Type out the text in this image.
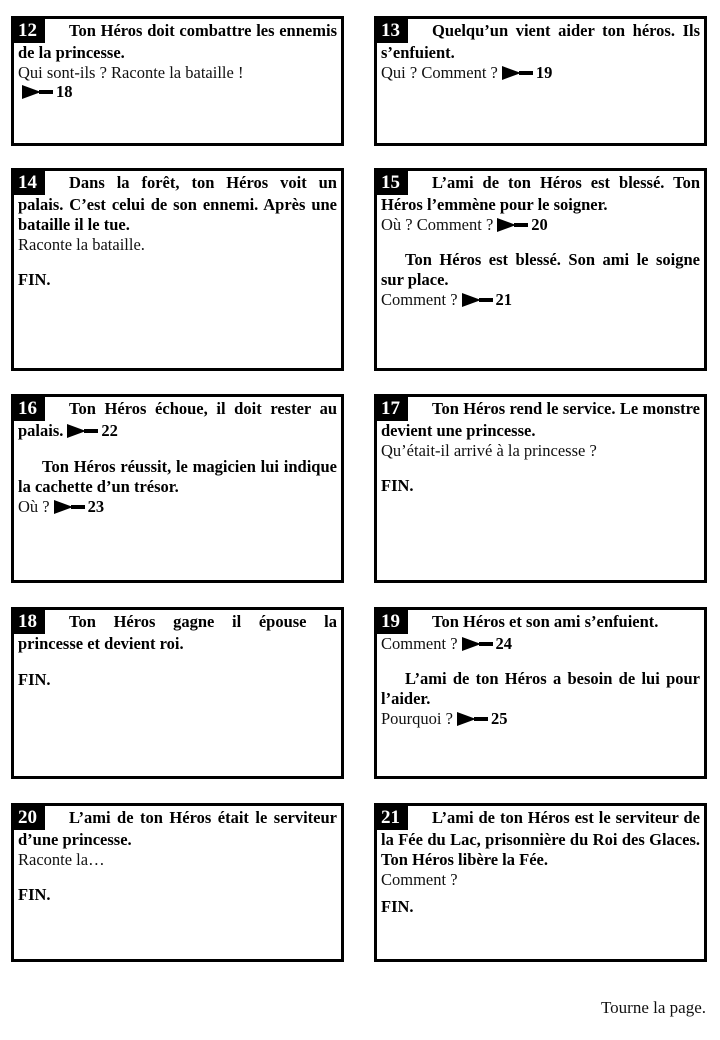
12 Ton Héros doit combattre les ennemis de la princesse.

Qui sont-ils ? Raconte la bataille !

18

13 Quelqu’un vient aider ton héros. Ils s’enfuient.

Qui ? Comment ? 19

14 Dans la forêt, ton Héros voit un palais. C’est celui de son ennemi. Après une bataille il le tue.

Raconte la bataille.

FIN.

15 L’ami de ton Héros est blessé. Ton Héros l’emmène pour le soigner.

Où ? Comment ? 20

Ton Héros est blessé. Son ami le soigne sur place.

Comment ? 21

16 Ton Héros échoue, il doit rester au palais. 22

Ton Héros réussit, le magicien lui indique la cachette d’un trésor.

Où ? 23

17 Ton Héros rend le service. Le monstre devient une princesse.

Qu’était-il arrivé à la princesse ?

FIN.

18 Ton Héros gagne il épouse la princesse et devient roi.

FIN.

19 Ton Héros et son ami s’enfuient.

Comment ? 24

L’ami de ton Héros a besoin de lui pour l’aider.

Pourquoi ? 25

20 L’ami de ton Héros était le serviteur d’une princesse.

Raconte la…

FIN.

21 L’ami de ton Héros est le serviteur de la Fée du Lac, prisonnière du Roi des Glaces. Ton Héros libère la Fée.

Comment ?

FIN.

Tourne la page.
